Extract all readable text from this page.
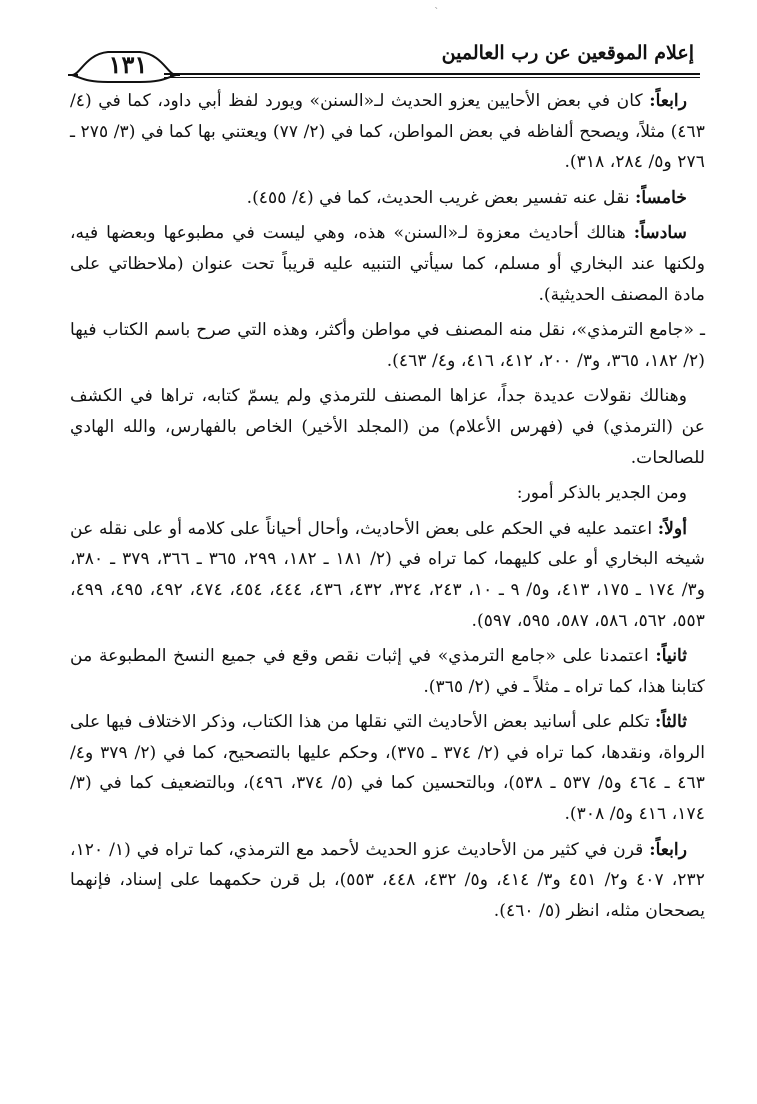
ˋ
إعلام الموقعين عن رب العالمين
١٣١

رابعاً: كان في بعض الأحايين يعزو الحديث لـ«السنن» ويورد لفظ أبي داود، كما في (٤/ ٤٦٣) مثلاً، ويصحح ألفاظه في بعض المواطن، كما في (٢/ ٧٧) ويعتني بها كما في (٣/ ٢٧٥ ـ ٢٧٦ و٥/ ٢٨٤، ٣١٨).

خامساً: نقل عنه تفسير بعض غريب الحديث، كما في (٤/ ٤٥٥).

سادساً: هنالك أحاديث معزوة لـ«السنن» هذه، وهي ليست في مطبوعها وبعضها فيه، ولكنها عند البخاري أو مسلم، كما سيأتي التنبيه عليه قريباً تحت عنوان (ملاحظاتي على مادة المصنف الحديثية).

ـ «جامع الترمذي»، نقل منه المصنف في مواطن وأكثر، وهذه التي صرح باسم الكتاب فيها (٢/ ١٨٢، ٣٦٥، و٣/ ٢٠٠، ٤١٢، ٤١٦، و٤/ ٤٦٣).

وهنالك نقولات عديدة جداً، عزاها المصنف للترمذي ولم يسمّ كتابه، تراها في الكشف عن (الترمذي) في (فهرس الأعلام) من (المجلد الأخير) الخاص بالفهارس، والله الهادي للصالحات.

ومن الجدير بالذكر أمور:

أولاً: اعتمد عليه في الحكم على بعض الأحاديث، وأحال أحياناً على كلامه أو على نقله عن شيخه البخاري أو على كليهما، كما تراه في (٢/ ١٨١ ـ ١٨٢، ٢٩٩، ٣٦٥ ـ ٣٦٦، ٣٧٩ ـ ٣٨٠، و٣/ ١٧٤ ـ ١٧٥، ٤١٣، و٥/ ٩ ـ ١٠، ٢٤٣، ٣٢٤، ٤٣٢، ٤٣٦، ٤٤٤، ٤٥٤، ٤٧٤، ٤٩٢، ٤٩٥، ٤٩٩، ٥٥٣، ٥٦٢، ٥٨٦، ٥٨٧، ٥٩٥، ٥٩٧).

ثانياً: اعتمدنا على «جامع الترمذي» في إثبات نقص وقع في جميع النسخ المطبوعة من كتابنا هذا، كما تراه ـ مثلاً ـ في (٢/ ٣٦٥).

ثالثاً: تكلم على أسانيد بعض الأحاديث التي نقلها من هذا الكتاب، وذكر الاختلاف فيها على الرواة، ونقدها، كما تراه في (٢/ ٣٧٤ ـ ٣٧٥)، وحكم عليها بالتصحيح، كما في (٢/ ٣٧٩ و٤/ ٤٦٣ ـ ٤٦٤ و٥/ ٥٣٧ ـ ٥٣٨)، وبالتحسين كما في (٥/ ٣٧٤، ٤٩٦)، وبالتضعيف كما في (٣/ ١٧٤، ٤١٦ و٥/ ٣٠٨).

رابعاً: قرن في كثير من الأحاديث عزو الحديث لأحمد مع الترمذي، كما تراه في (١/ ١٢٠، ٢٣٢، ٤٠٧ و٢/ ٤٥١ و٣/ ٤١٤، و٥/ ٤٣٢، ٤٤٨، ٥٥٣)، بل قرن حكمهما على إسناد، فإنهما يصححان مثله، انظر (٥/ ٤٦٠).
